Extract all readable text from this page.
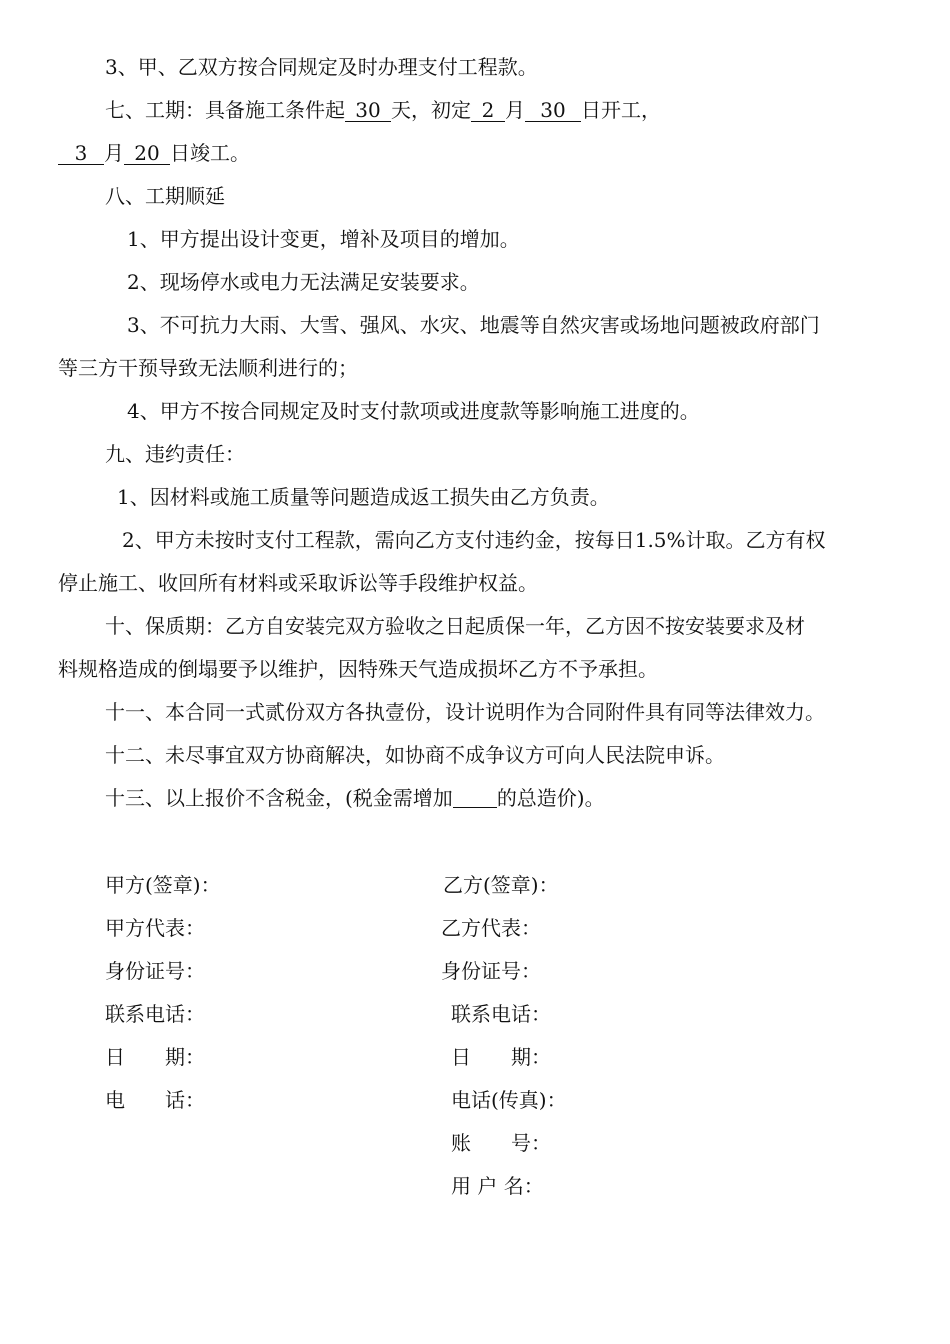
3、甲、乙双方按合同规定及时办理支付工程款。
七、工期：具备施工条件起 30 天，初定 2 月 30 日开工，
3 月 20 日竣工。
八、工期顺延
1、甲方提出设计变更，增补及项目的增加。
2、现场停水或电力无法满足安装要求。
3、不可抗力大雨、大雪、强风、水灾、地震等自然灾害或场地问题被政府部门
等三方干预导致无法顺利进行的；
4、甲方不按合同规定及时支付款项或进度款等影响施工进度的。
九、违约责任：
1、因材料或施工质量等问题造成返工损失由乙方负责。
2、甲方未按时支付工程款，需向乙方支付违约金，按每日1.5%计取。乙方有权
停止施工、收回所有材料或采取诉讼等手段维护权益。
十、保质期：乙方自安装完双方验收之日起质保一年，乙方因不按安装要求及材
料规格造成的倒塌要予以维护，因特殊天气造成损坏乙方不予承担。
十一、本合同一式贰份双方各执壹份，设计说明作为合同附件具有同等法律效力。
十二、未尽事宜双方协商解决，如协商不成争议方可向人民法院申诉。
十三、以上报价不含税金，(税金需增加 的总造价)。
甲方(签章)：
甲方代表：
身份证号：
联系电话：
日　　期：
电　　话：
乙方(签章)：
乙方代表：
身份证号：
联系电话：
日　　期：
电话(传真)：
账　　号：
用 户 名：
